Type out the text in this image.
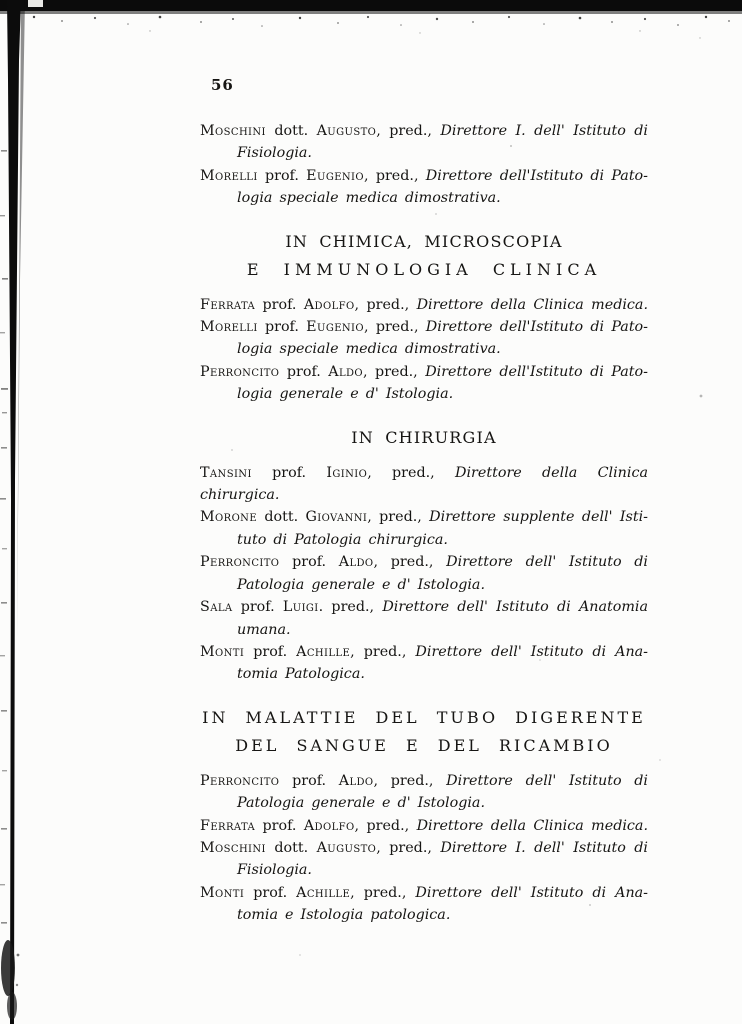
56
Moschini dott. Augusto, pred., Direttore I. dell' Istituto di
Fisiologia.
Morelli prof. Eugenio, pred., Direttore dell'Istituto di Pato-
logia speciale medica dimostrativa.
IN CHIMICA, MICROSCOPIA
E IMMUNOLOGIA CLINICA
Ferrata prof. Adolfo, pred., Direttore della Clinica medica.
Morelli prof. Eugenio, pred., Direttore dell'Istituto di Pato-
logia speciale medica dimostrativa.
Perroncito prof. Aldo, pred., Direttore dell'Istituto di Pato-
logia generale e d' Istologia.
IN CHIRURGIA
Tansini prof. Iginio, pred., Direttore della Clinica chirurgica.
Morone dott. Giovanni, pred., Direttore supplente dell' Isti-
tuto di Patologia chirurgica.
Perroncito prof. Aldo, pred., Direttore dell' Istituto di
Patologia generale e d' Istologia.
Sala prof. Luigi. pred., Direttore dell' Istituto di Anatomia
umana.
Monti prof. Achille, pred., Direttore dell' Istituto di Ana-
tomia Patologica.
IN MALATTIE DEL TUBO DIGERENTE
DEL SANGUE E DEL RICAMBIO
Perroncito prof. Aldo, pred., Direttore dell' Istituto di
Patologia generale e d' Istologia.
Ferrata prof. Adolfo, pred., Direttore della Clinica medica.
Moschini dott. Augusto, pred., Direttore I. dell' Istituto di
Fisiologia.
Monti prof. Achille, pred., Direttore dell' Istituto di Ana-
tomia e Istologia patologica.
